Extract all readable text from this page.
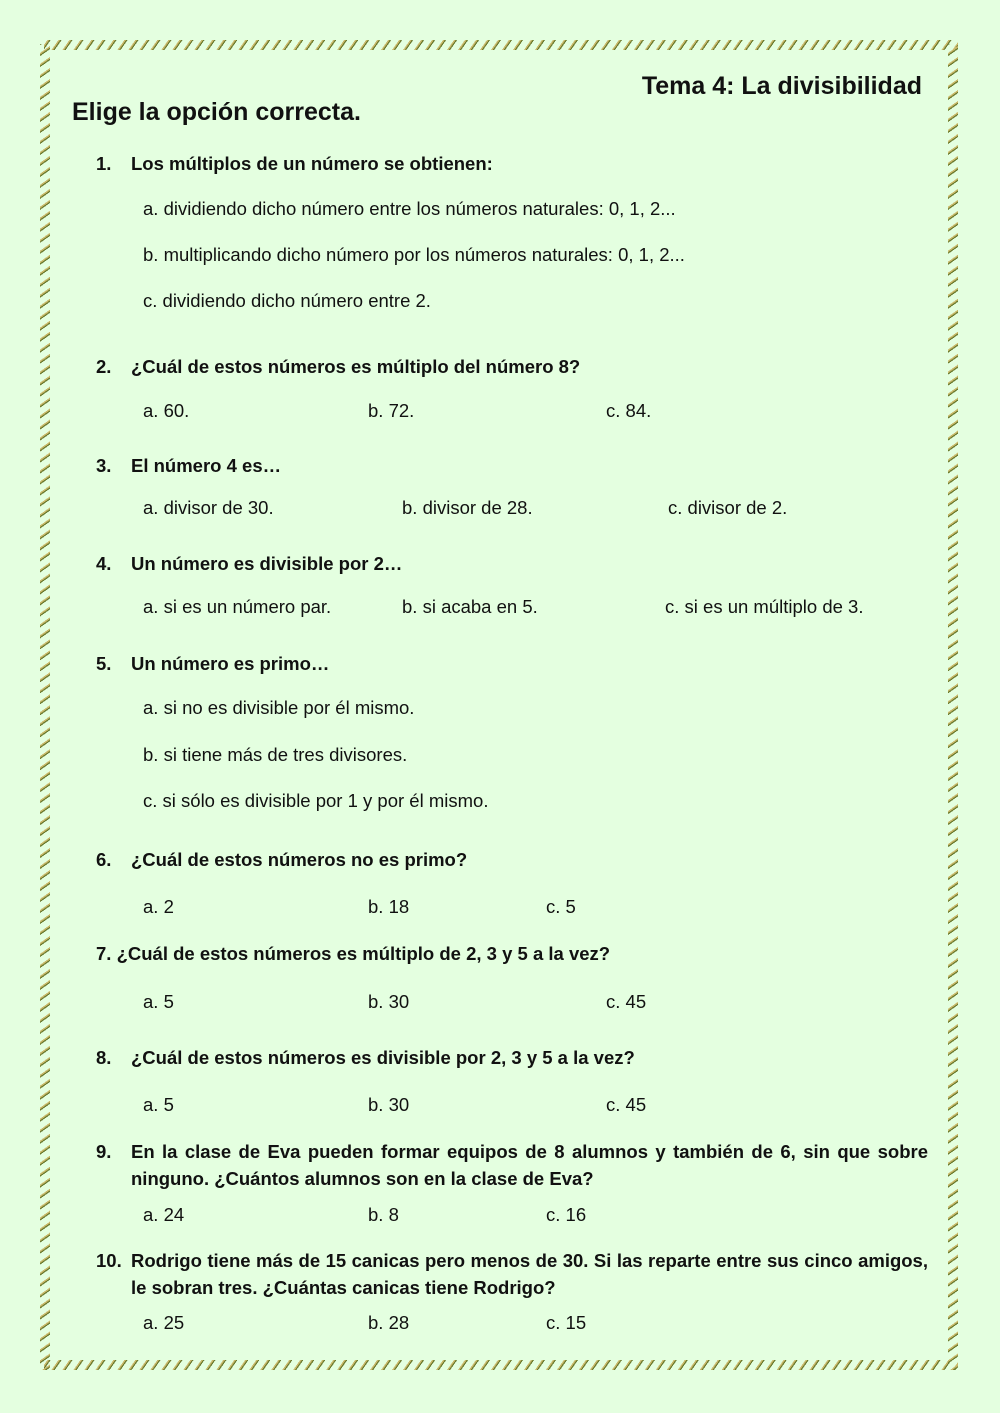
Tema 4: La divisibilidad
Elige la opción correcta.
1. Los múltiplos de un número se obtienen:
a. dividiendo dicho número entre los números naturales: 0, 1, 2...
b. multiplicando dicho número por los números naturales: 0, 1, 2...
c. dividiendo dicho número entre 2.
2. ¿Cuál de estos números es múltiplo del número 8?
a. 60.	b. 72.	c. 84.
3. El número 4 es…
a. divisor de 30.	b. divisor de 28.	c. divisor de 2.
4. Un número es divisible por 2…
a. si es un número par.	b. si acaba en 5.	c. si es un múltiplo de 3.
5. Un número es primo…
a. si no es divisible por él mismo.
b. si tiene más de tres divisores.
c. si sólo es divisible por 1 y por él mismo.
6. ¿Cuál de estos números no es primo?
a. 2	b. 18	c. 5
7. ¿Cuál de estos números es múltiplo de 2, 3 y 5 a la vez?
a. 5	b. 30	c. 45
8. ¿Cuál de estos números es divisible por 2, 3 y 5 a la vez?
a. 5	b. 30	c. 45
9.	En la clase de Eva pueden formar equipos de 8 alumnos y también de 6, sin que sobre ninguno. ¿Cuántos alumnos son en la clase de Eva?
a. 24	b. 8	c. 16
10. Rodrigo tiene más de 15 canicas pero menos de 30. Si las reparte entre sus cinco amigos, le sobran tres. ¿Cuántas canicas tiene Rodrigo?
a. 25	b. 28	c. 15
